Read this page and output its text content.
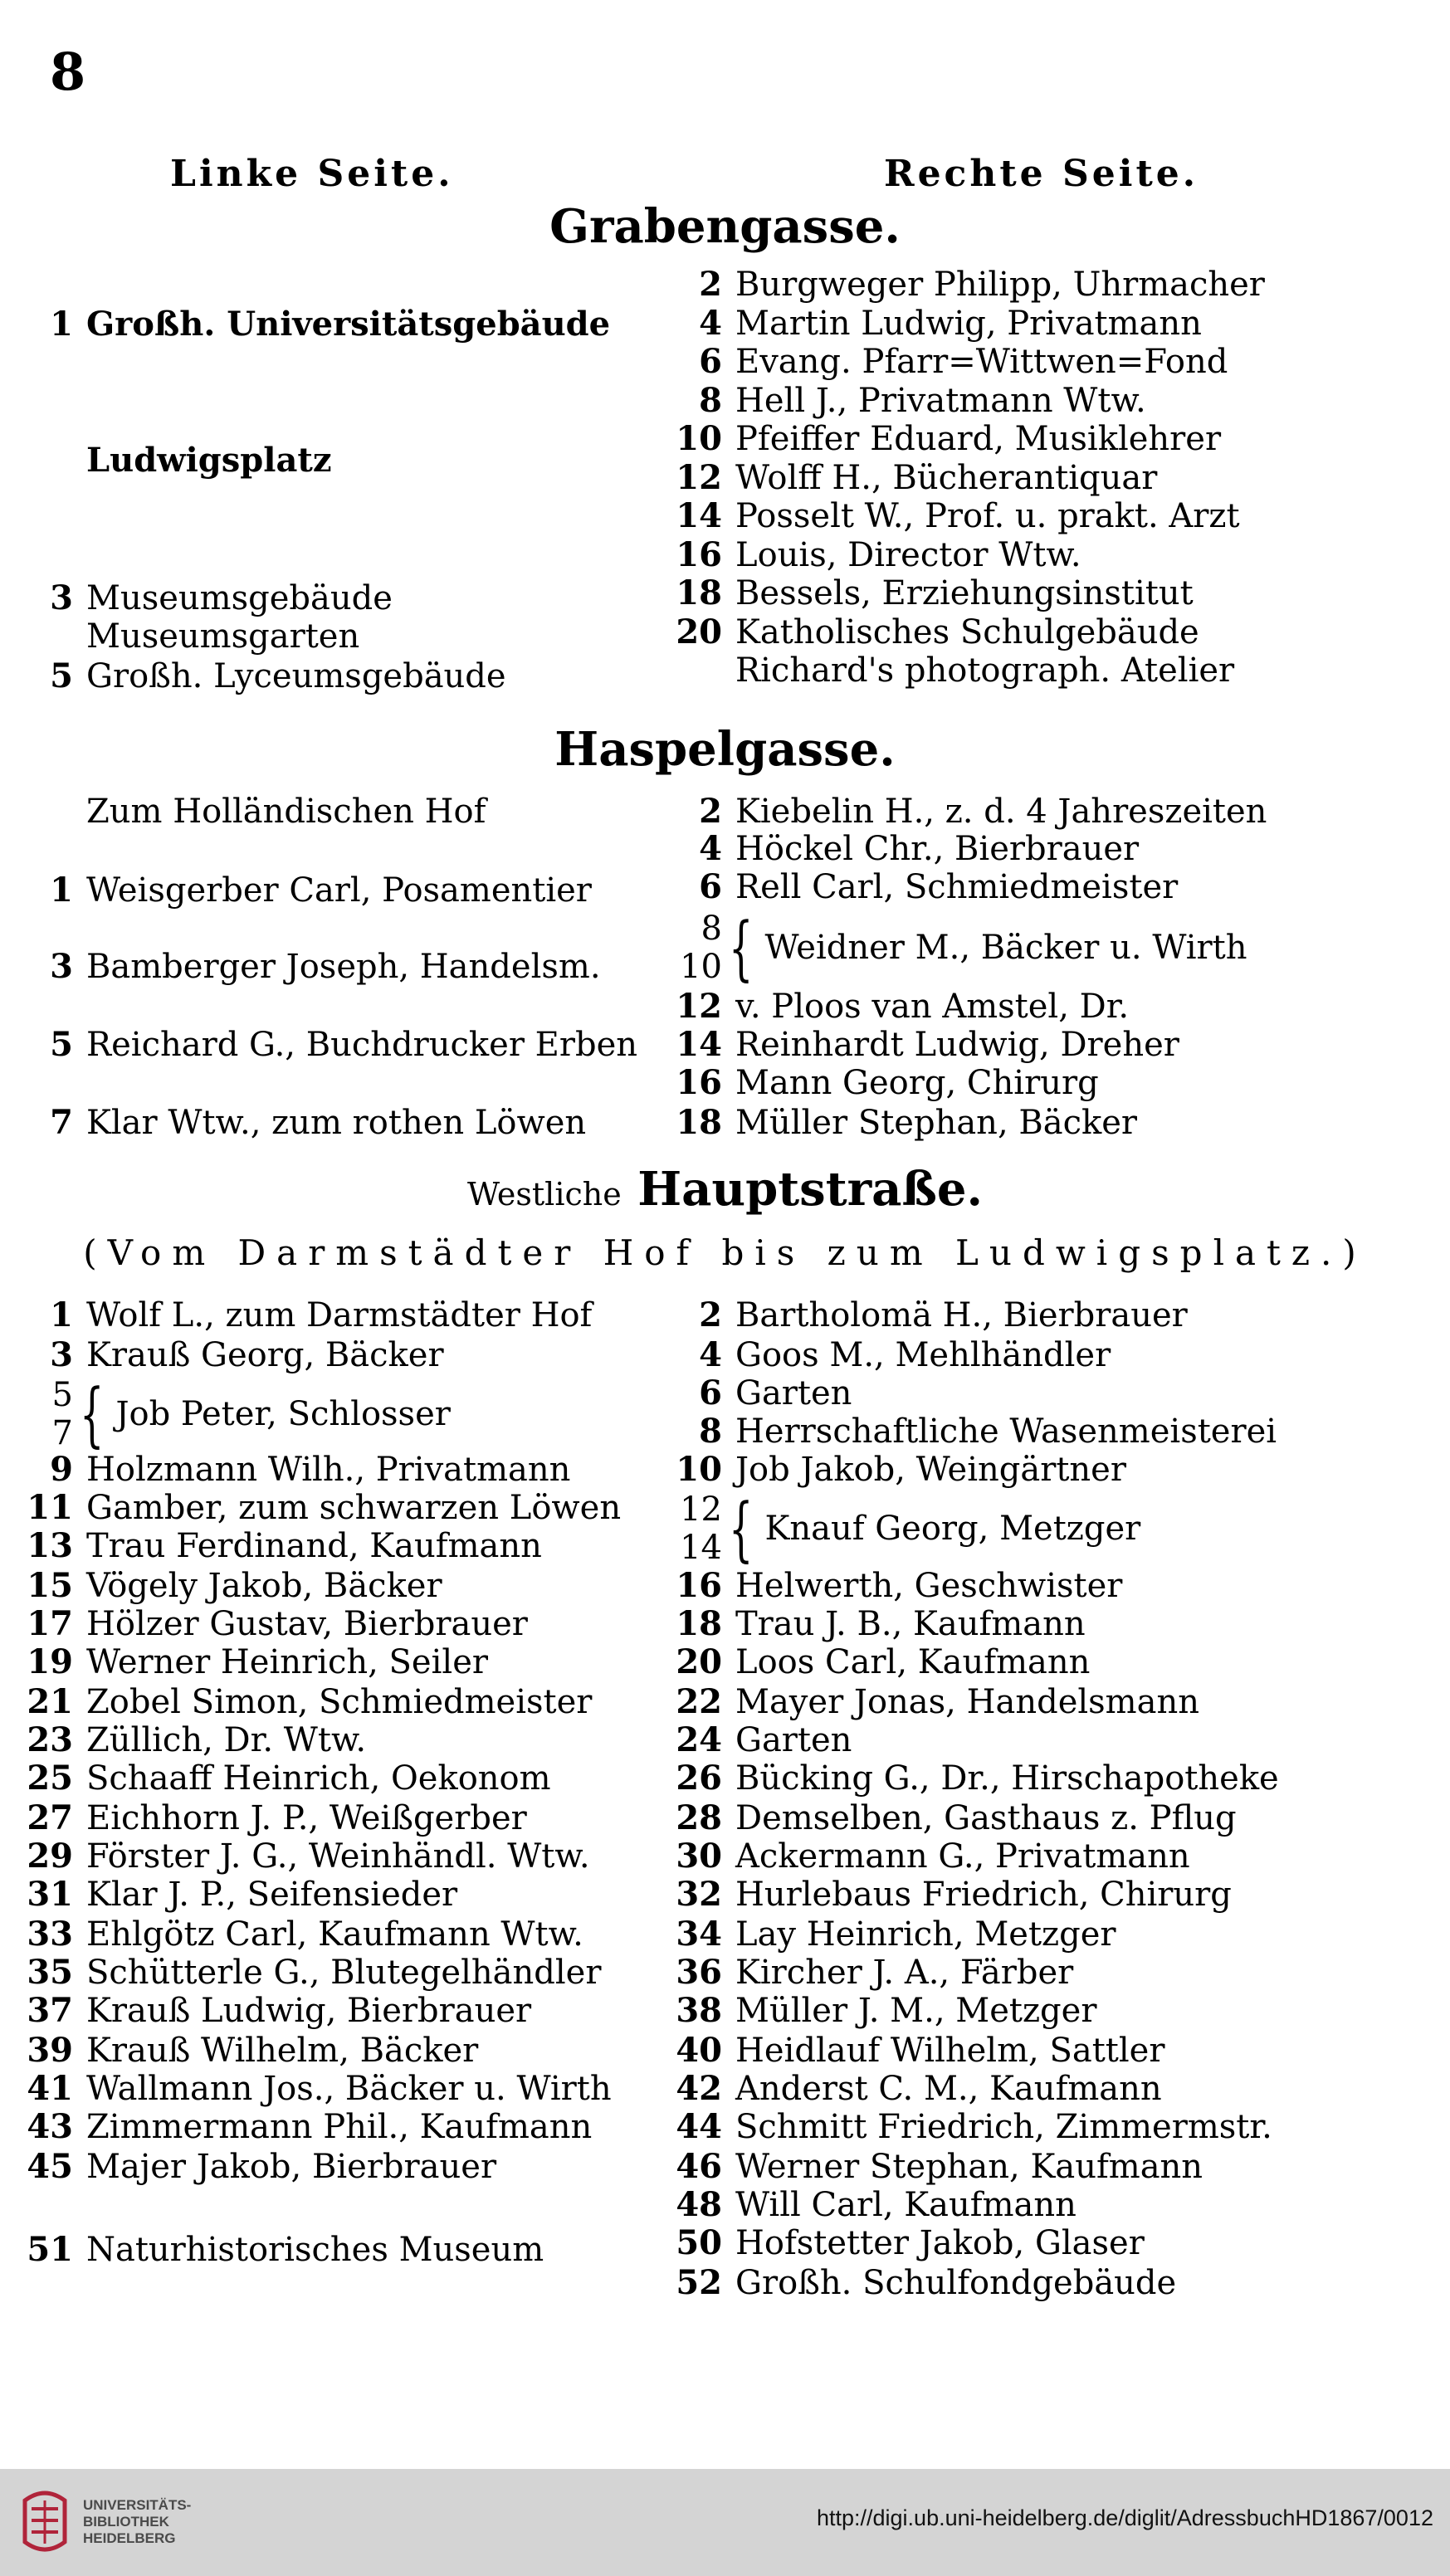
8
Linke Seite.	Rechte Seite.
Grabengasse.
1 Großh. Universitätsgebäude
Ludwigsplatz
3 Museumsgebäude
Museumsgarten
5 Großh. Lyceumsgebäude
2 Burgweger Philipp, Uhrmacher
4 Martin Ludwig, Privatmann
6 Evang. Pfarr=Wittwen=Fond
8 Hell J., Privatmann Wtw.
10 Pfeiffer Eduard, Musiklehrer
12 Wolff H., Bücherantiquar
14 Posselt W., Prof. u. prakt. Arzt
16 Louis, Director Wtw.
18 Bessels, Erziehungsinstitut
20 Katholisches Schulgebäude
Richard's photograph. Atelier
Haspelgasse.
Zum Holländischen Hof
1 Weisgerber Carl, Posamentier
3 Bamberger Joseph, Handelsm.
5 Reichard G., Buchdrucker Erben
7 Klar Wtw., zum rothen Löwen
2 Kiebelin H., z. d. 4 Jahreszeiten
4 Höckel Chr., Bierbrauer
6 Rell Carl, Schmiedmeister
8
10 { Weidner M., Bäcker u. Wirth
12 v. Ploos van Amstel, Dr.
14 Reinhardt Ludwig, Dreher
16 Mann Georg, Chirurg
18 Müller Stephan, Bäcker
Westliche Hauptstraße.
(Vom Darmstädter Hof bis zum Ludwigsplatz.)
1 Wolf L., zum Darmstädter Hof
3 Krauß Georg, Bäcker
5
7 { Job Peter, Schlosser
9 Holzmann Wilh., Privatmann
11 Gamber, zum schwarzen Löwen
13 Trau Ferdinand, Kaufmann
15 Vögely Jakob, Bäcker
17 Hölzer Gustav, Bierbrauer
19 Werner Heinrich, Seiler
21 Zobel Simon, Schmiedmeister
23 Züllich, Dr. Wtw.
25 Schaaff Heinrich, Oekonom
27 Eichhorn J. P., Weißgerber
29 Förster J. G., Weinhändl. Wtw.
31 Klar J. P., Seifensieder
33 Ehlgötz Carl, Kaufmann Wtw.
35 Schütterle G., Blutegelhändler
37 Krauß Ludwig, Bierbrauer
39 Krauß Wilhelm, Bäcker
41 Wallmann Jos., Bäcker u. Wirth
43 Zimmermann Phil., Kaufmann
45 Majer Jakob, Bierbrauer
51 Naturhistorisches Museum
2 Bartholomä H., Bierbrauer
4 Goos M., Mehlhändler
6 Garten
8 Herrschaftliche Wasenmeisterei
10 Job Jakob, Weingärtner
12
14 { Knauf Georg, Metzger
16 Helwerth, Geschwister
18 Trau J. B., Kaufmann
20 Loos Carl, Kaufmann
22 Mayer Jonas, Handelsmann
24 Garten
26 Bücking G., Dr., Hirschapotheke
28 Demselben, Gasthaus z. Pflug
30 Ackermann G., Privatmann
32 Hurlebaus Friedrich, Chirurg
34 Lay Heinrich, Metzger
36 Kircher J. A., Färber
38 Müller J. M., Metzger
40 Heidlauf Wilhelm, Sattler
42 Anderst C. M., Kaufmann
44 Schmitt Friedrich, Zimmermstr.
46 Werner Stephan, Kaufmann
48 Will Carl, Kaufmann
50 Hofstetter Jakob, Glaser
52 Großh. Schulfondgebäude
UNIVERSITÄTS-
BIBLIOTHEK
HEIDELBERG
http://digi.ub.uni-heidelberg.de/diglit/AdressbuchHD1867/0012
